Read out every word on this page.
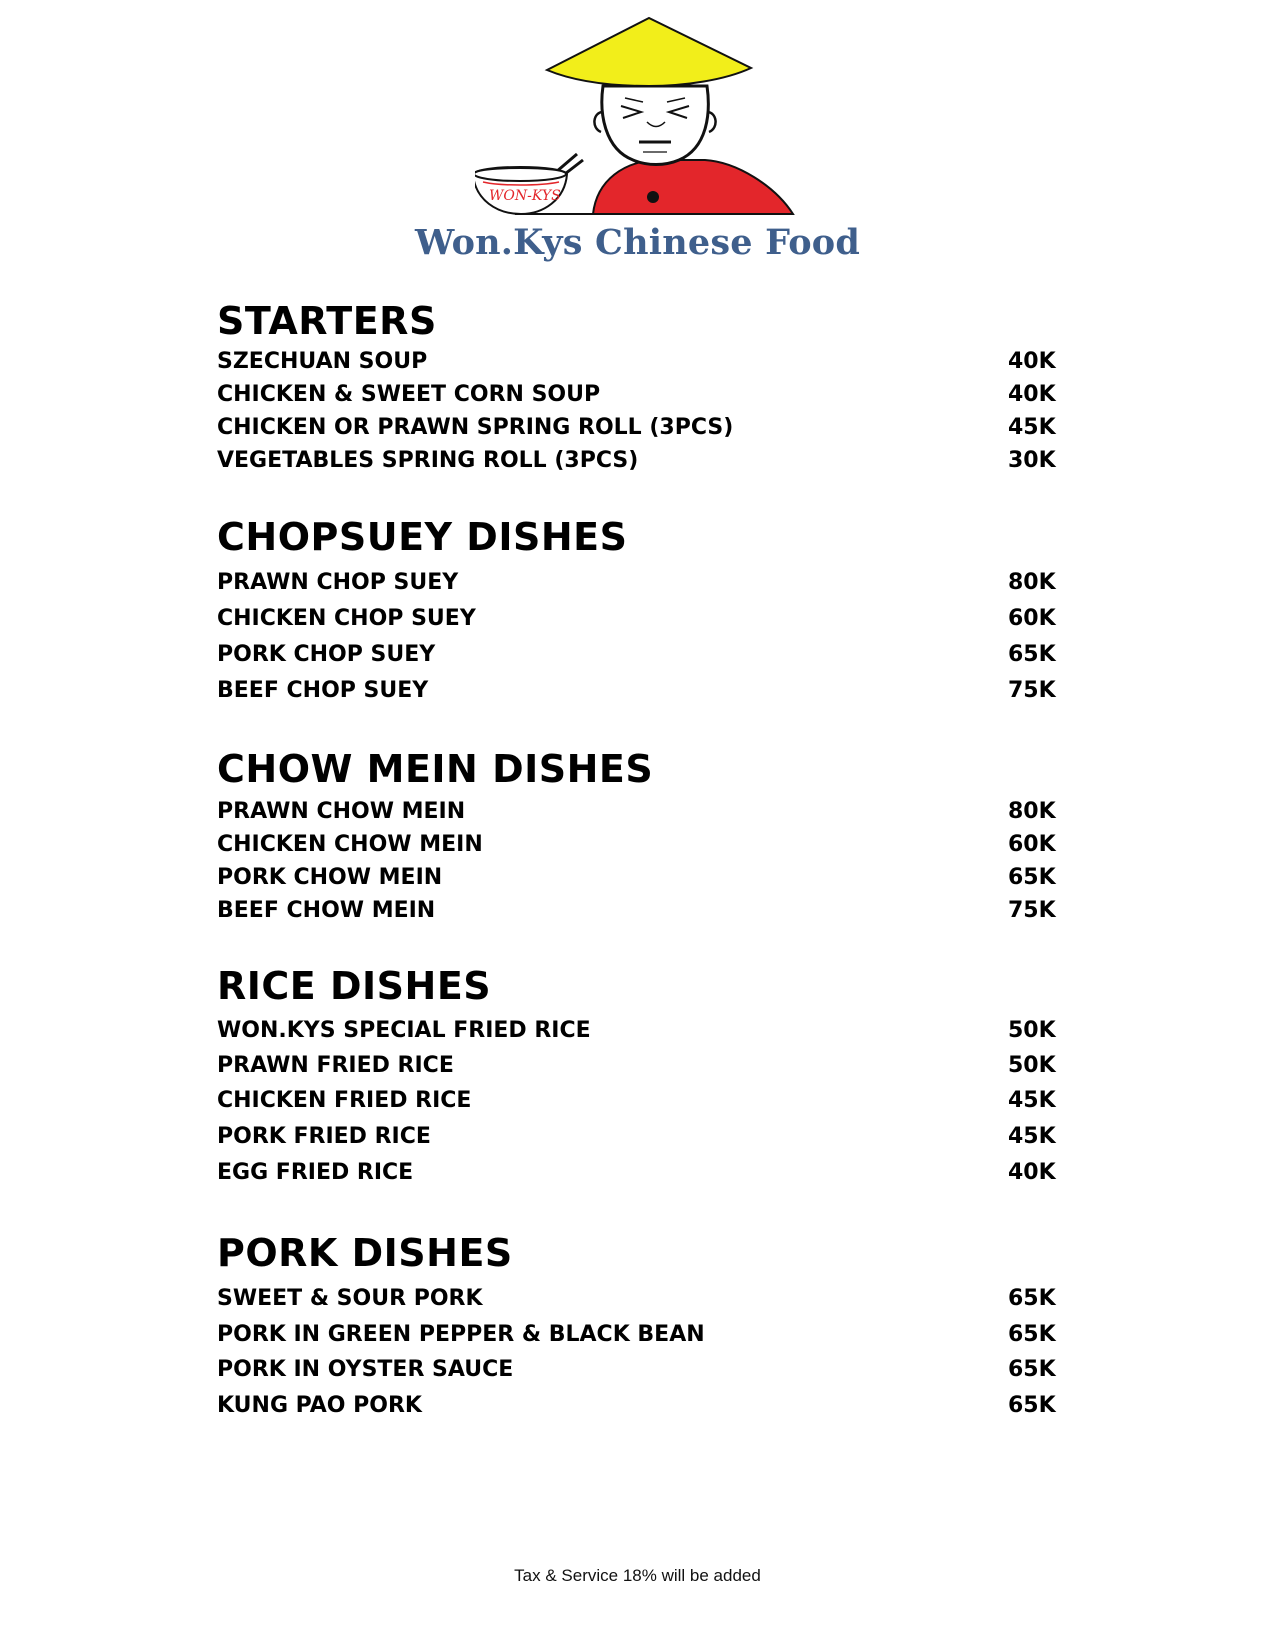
WON-KYS
Won.Kys Chinese Food
STARTERS
SZECHUAN SOUP	40K
CHICKEN & SWEET CORN SOUP	40K
CHICKEN OR PRAWN SPRING ROLL (3PCS)	45K
VEGETABLES SPRING ROLL (3PCS)	30K
CHOPSUEY DISHES
PRAWN CHOP SUEY	80K
CHICKEN CHOP SUEY	60K
PORK CHOP SUEY	65K
BEEF CHOP SUEY	75K
CHOW MEIN DISHES
PRAWN CHOW MEIN	80K
CHICKEN CHOW MEIN	60K
PORK CHOW MEIN	65K
BEEF CHOW MEIN	75K
RICE DISHES
WON.KYS SPECIAL FRIED RICE	50K
PRAWN FRIED RICE	50K
CHICKEN FRIED RICE	45K
PORK FRIED RICE	45K
EGG FRIED RICE	40K
PORK DISHES
SWEET & SOUR PORK	65K
PORK IN GREEN PEPPER & BLACK BEAN	65K
PORK IN OYSTER SAUCE	65K
KUNG PAO PORK	65K
Tax & Service 18% will be added
